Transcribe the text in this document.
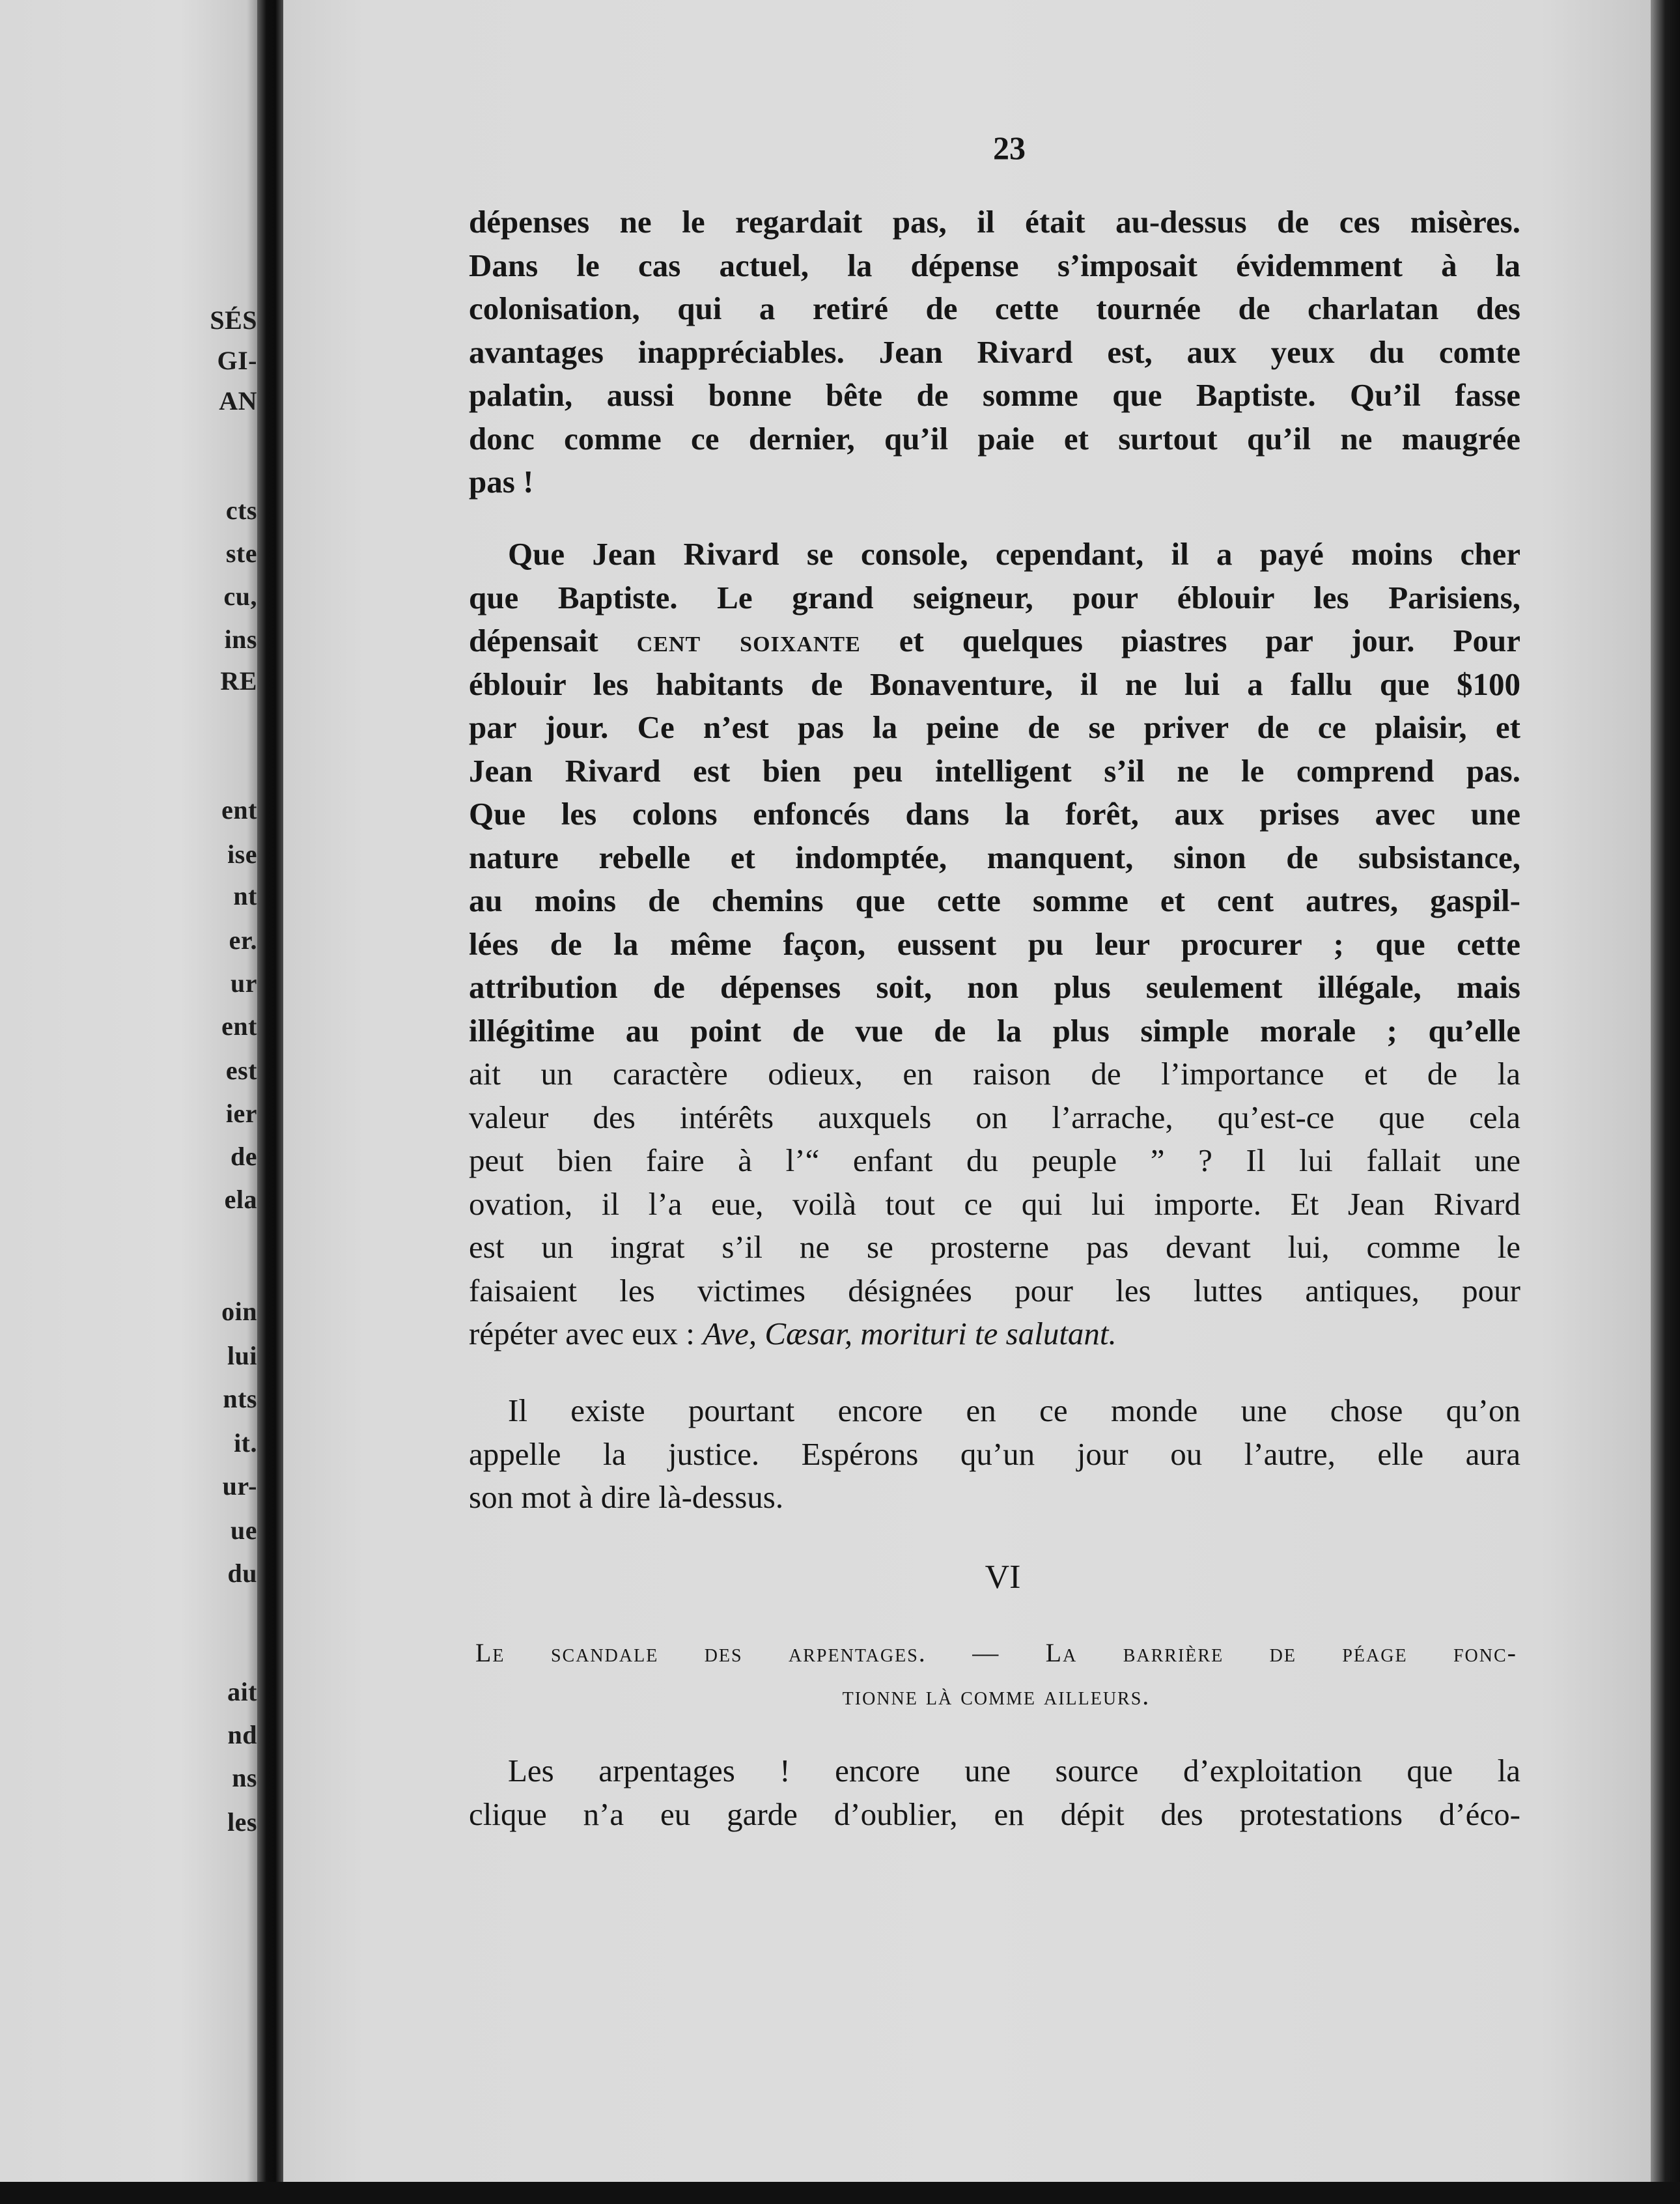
SÉS
GI-
AN
cts
ste
cu,
ins
RE
ent
ise
nt
er.
ur
ent
est
ier
de
ela
oin
lui
nts
it.
ur-
ue
du
ait
nd
ns
les
23

dépenses ne le regardait pas, il était au-dessus de ces misères.
Dans le cas actuel, la dépense s’imposait évidemment à la
colonisation, qui a retiré de cette tournée de charlatan des
avantages inappréciables. Jean Rivard est, aux yeux du comte
palatin, aussi bonne bête de somme que Baptiste. Qu’il fasse
donc comme ce dernier, qu’il paie et surtout qu’il ne maugrée
pas !

Que Jean Rivard se console, cependant, il a payé moins cher
que Baptiste. Le grand seigneur, pour éblouir les Parisiens,
dépensait cent soixante et quelques piastres par jour. Pour
éblouir les habitants de Bonaventure, il ne lui a fallu que $100
par jour. Ce n’est pas la peine de se priver de ce plaisir, et
Jean Rivard est bien peu intelligent s’il ne le comprend pas.
Que les colons enfoncés dans la forêt, aux prises avec une
nature rebelle et indomptée, manquent, sinon de subsistance,
au moins de chemins que cette somme et cent autres, gaspil-
lées de la même façon, eussent pu leur procurer ; que cette
attribution de dépenses soit, non plus seulement illégale, mais
illégitime au point de vue de la plus simple morale ; qu’elle
ait un caractère odieux, en raison de l’importance et de la
valeur des intérêts auxquels on l’arrache, qu’est-ce que cela
peut bien faire à l’“ enfant du peuple ” ? Il lui fallait une
ovation, il l’a eue, voilà tout ce qui lui importe. Et Jean Rivard
est un ingrat s’il ne se prosterne pas devant lui, comme le
faisaient les victimes désignées pour les luttes antiques, pour
répéter avec eux : Ave, Cæsar, morituri te salutant.

Il existe pourtant encore en ce monde une chose qu’on
appelle la justice. Espérons qu’un jour ou l’autre, elle aura
son mot à dire là-dessus.

VI
Le scandale des arpentages. — La barrière de péage fonc-
tionne là comme ailleurs.

Les arpentages ! encore une source d’exploitation que la
clique n’a eu garde d’oublier, en dépit des protestations d’éco-
